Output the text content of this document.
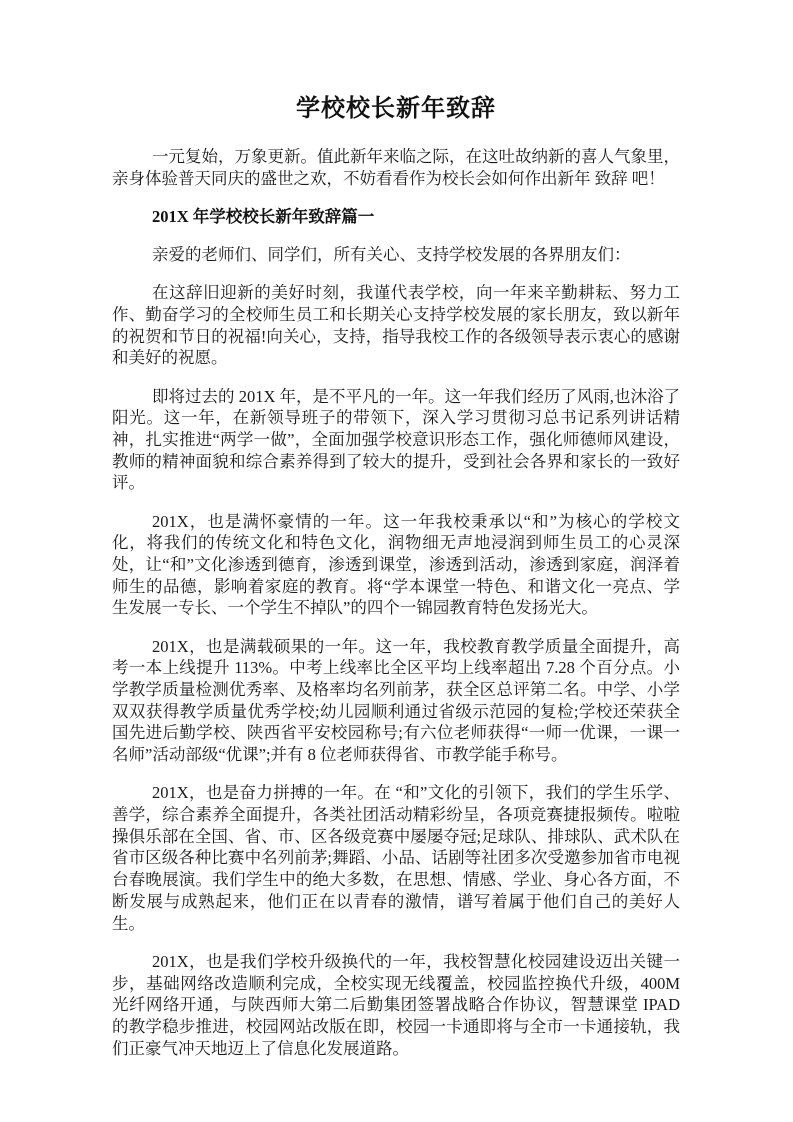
学校校长新年致辞

一元复始，万象更新。值此新年来临之际，在这吐故纳新的喜人气象里，亲身体验普天同庆的盛世之欢，不妨看看作为校长会如何作出新年 致辞 吧！

201X 年学校校长新年致辞篇一

亲爱的老师们、同学们，所有关心、支持学校发展的各界朋友们：

在这辞旧迎新的美好时刻，我谨代表学校，向一年来辛勤耕耘、努力工作、勤奋学习的全校师生员工和长期关心支持学校发展的家长朋友，致以新年的祝贺和节日的祝福!向关心，支持，指导我校工作的各级领导表示衷心的感谢和美好的祝愿。

即将过去的 201X 年，是不平凡的一年。这一年我们经历了风雨,也沐浴了阳光。这一年，在新领导班子的带领下，深入学习贯彻习总书记系列讲话精神，扎实推进“两学一做”，全面加强学校意识形态工作，强化师德师风建设，教师的精神面貌和综合素养得到了较大的提升，受到社会各界和家长的一致好评。

201X，也是满怀豪情的一年。这一年我校秉承以“和”为核心的学校文化，将我们的传统文化和特色文化，润物细无声地浸润到师生员工的心灵深处，让“和”文化渗透到德育，渗透到课堂，渗透到活动，渗透到家庭，润泽着师生的品德，影响着家庭的教育。将“学本课堂一特色、和谐文化一亮点、学生发展一专长、一个学生不掉队”的四个一锦园教育特色发扬光大。

201X，也是满载硕果的一年。这一年，我校教育教学质量全面提升，高考一本上线提升 113%。中考上线率比全区平均上线率超出 7.28 个百分点。小学教学质量检测优秀率、及格率均名列前茅，获全区总评第二名。中学、小学双双获得教学质量优秀学校;幼儿园顺利通过省级示范园的复检;学校还荣获全国先进后勤学校、陕西省平安校园称号;有六位老师获得“一师一优课，一课一名师”活动部级“优课”;并有 8 位老师获得省、市教学能手称号。

201X，也是奋力拼搏的一年。在 “和”文化的引领下，我们的学生乐学、善学，综合素养全面提升，各类社团活动精彩纷呈，各项竞赛捷报频传。啦啦操俱乐部在全国、省、市、区各级竞赛中屡屡夺冠;足球队、排球队、武术队在省市区级各种比赛中名列前茅;舞蹈、小品、话剧等社团多次受邀参加省市电视台春晚展演。我们学生中的绝大多数，在思想、情感、学业、身心各方面，不断发展与成熟起来，他们正在以青春的激情，谱写着属于他们自己的美好人生。

201X，也是我们学校升级换代的一年，我校智慧化校园建设迈出关键一步，基础网络改造顺利完成，全校实现无线覆盖，校园监控换代升级，400M 光纤网络开通，与陕西师大第二后勤集团签署战略合作协议，智慧课堂 IPAD 的教学稳步推进，校园网站改版在即，校园一卡通即将与全市一卡通接轨，我们正豪气冲天地迈上了信息化发展道路。
